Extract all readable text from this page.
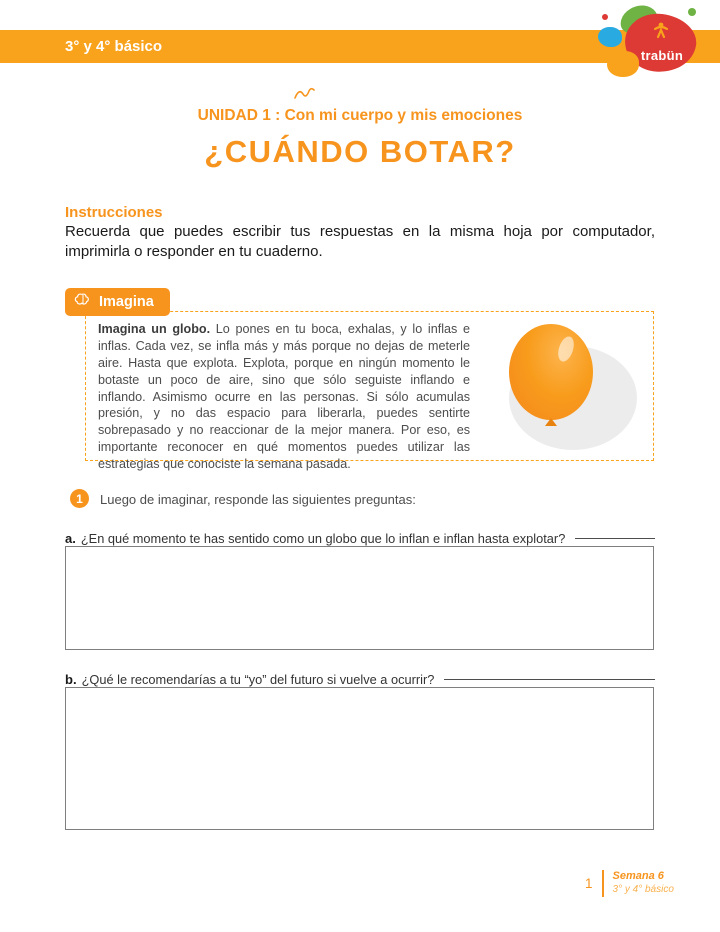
3° y 4° básico
trabün
UNIDAD 1 : Con mi cuerpo y mis emociones
¿CUÁNDO BOTAR?
Instrucciones
Recuerda que puedes escribir tus respuestas en la misma hoja por computador, imprimirla o responder en tu cuaderno.
Imagina
Imagina un globo. Lo pones en tu boca, exhalas, y lo inflas e inflas. Cada vez, se infla más y más porque no dejas de meterle aire. Hasta que explota. Explota, porque en ningún momento le botaste un poco de aire, sino que sólo seguiste inflando e inflando. Asimismo ocurre en las personas. Si sólo acumulas presión, y no das espacio para liberarla, puedes sentirte sobrepasado y no reaccionar de la mejor manera. Por eso, es importante reconocer en qué momentos puedes utilizar las estrategias que conociste la semana pasada.
1	Luego de imaginar, responde las siguientes preguntas:
a. ¿En qué momento te has sentido como un globo que lo inflan e inflan hasta explotar?
b. ¿Qué le recomendarías a tu “yo” del futuro si vuelve a ocurrir?
1 Semana 6
3° y 4° básico
